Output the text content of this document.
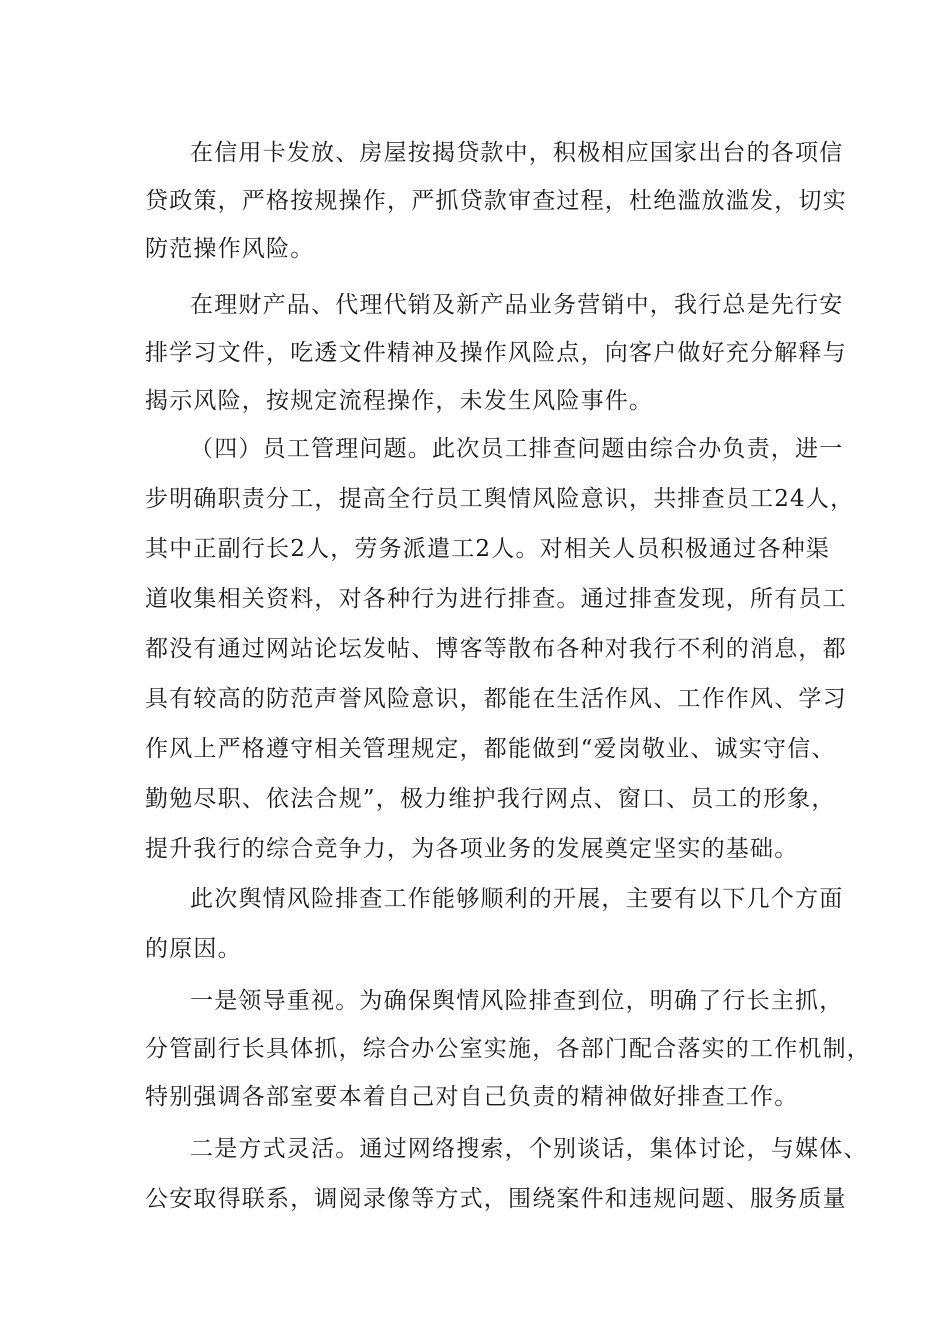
在信用卡发放、房屋按揭贷款中，积极相应国家出台的各项信

贷政策，严格按规操作，严抓贷款审查过程，杜绝滥放滥发，切实

防范操作风险。

在理财产品、代理代销及新产品业务营销中，我行总是先行安

排学习文件，吃透文件精神及操作风险点，向客户做好充分解释与

揭示风险，按规定流程操作，未发生风险事件。

（四）员工管理问题。此次员工排查问题由综合办负责，进一

步明确职责分工，提高全行员工舆情风险意识，共排查员工24人，

其中正副行长2人，劳务派遣工2人。对相关人员积极通过各种渠

道收集相关资料，对各种行为进行排查。通过排查发现，所有员工

都没有通过网站论坛发帖、博客等散布各种对我行不利的消息，都

具有较高的防范声誉风险意识，都能在生活作风、工作作风、学习

作风上严格遵守相关管理规定，都能做到“爱岗敬业、诚实守信、

勤勉尽职、依法合规”，极力维护我行网点、窗口、员工的形象，

提升我行的综合竞争力，为各项业务的发展奠定坚实的基础。

此次舆情风险排查工作能够顺利的开展，主要有以下几个方面

的原因。

一是领导重视。为确保舆情风险排查到位，明确了行长主抓，

分管副行长具体抓，综合办公室实施，各部门配合落实的工作机制，

特别强调各部室要本着自己对自己负责的精神做好排查工作。

二是方式灵活。通过网络搜索，个别谈话，集体讨论，与媒体、

公安取得联系，调阅录像等方式，围绕案件和违规问题、服务质量
